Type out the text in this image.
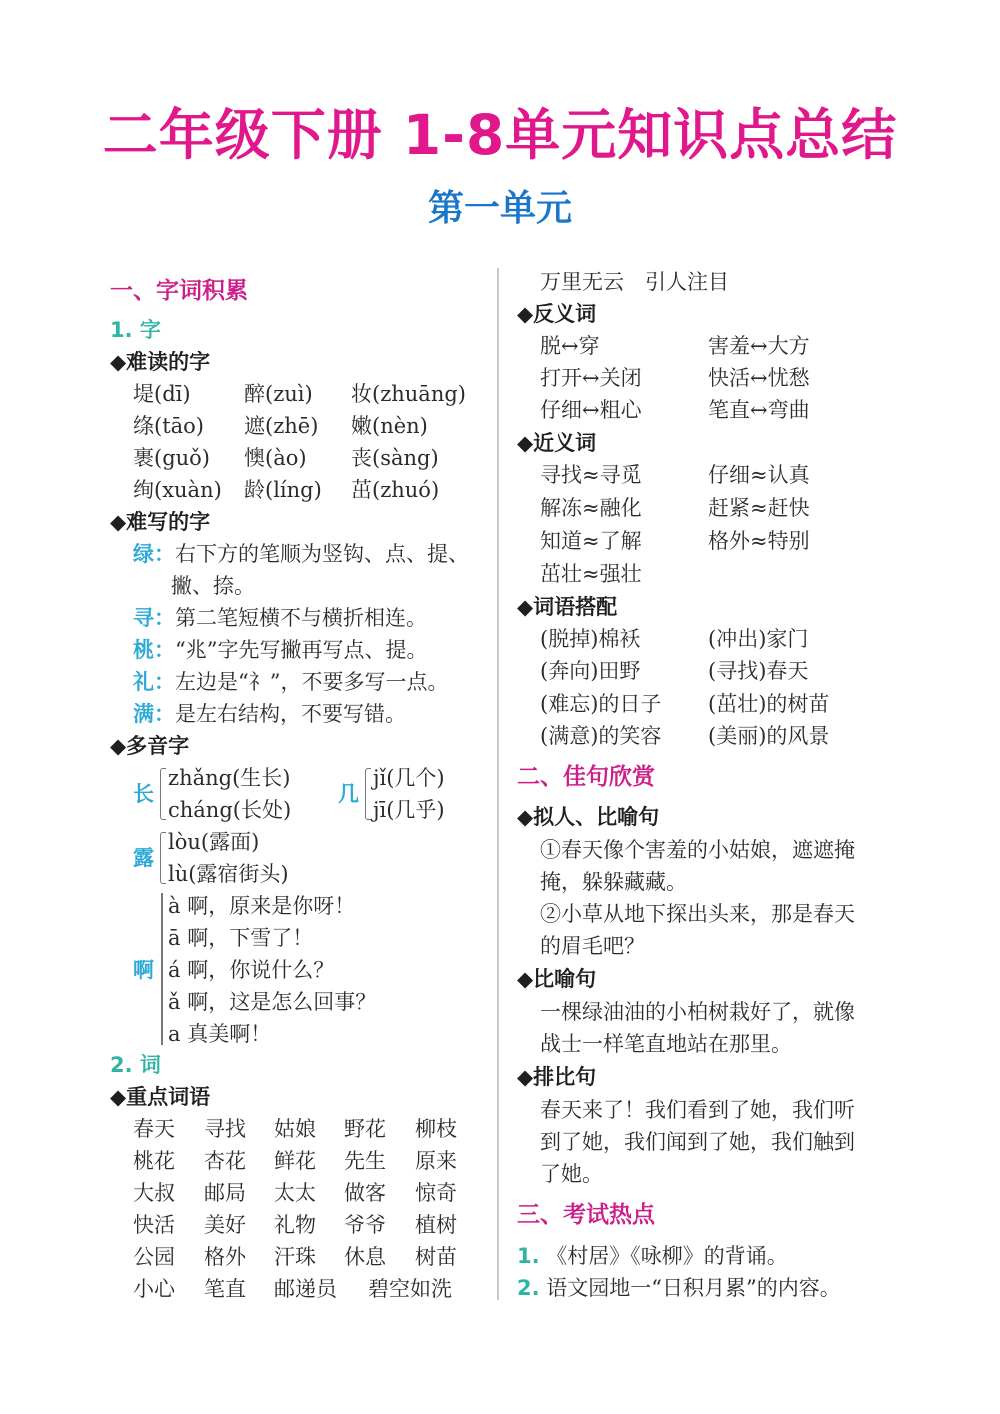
二年级下册 1-8单元知识点总结
第一单元
一、字词积累
1. 字
◆难读的字
堤(dī)	醉(zuì) 妆(zhuāng)
绦(tāo) 遮(zhē) 嫩(nèn)
裹(guǒ) 懊(ào) 丧(sàng)
绚(xuàn) 龄(líng) 茁(zhuó)
◆难写的字
绿：右下方的笔顺为竖钩、点、提、
撇、捺。
寻：第二笔短横不与横折相连。
桃：“兆”字先写撇再写点、提。
礼：左边是“礻”，不要多写一点。
满：是左右结构，不要写错。
◆多音字
长
zhǎng(生长)
cháng(长处)
几
jǐ(几个)
jī(几乎)
露
lòu(露面)
lù(露宿街头)
啊
à 啊，原来是你呀！
ā 啊，下雪了！
á 啊，你说什么？
ǎ 啊，这是怎么回事？
a 真美啊！
2. 词
◆重点词语
春天 寻找 姑娘 野花 柳枝
桃花 杏花 鲜花 先生 原来
大叔 邮局 太太 做客 惊奇
快活 美好 礼物 爷爷 植树
公园 格外 汗珠 休息 树苗
小心 笔直 邮递员 碧空如洗
万里无云　引人注目
◆反义词
脱↔穿	害羞↔大方
打开↔关闭	快活↔忧愁
仔细↔粗心	笔直↔弯曲
◆近义词
寻找≈寻觅	仔细≈认真
解冻≈融化	赶紧≈赶快
知道≈了解	格外≈特别
茁壮≈强壮
◆词语搭配
(脱掉)棉袄	(冲出)家门
(奔向)田野	(寻找)春天
(难忘)的日子 (茁壮)的树苗
(满意)的笑容 (美丽)的风景
二、佳句欣赏
◆拟人、比喻句
①春天像个害羞的小姑娘，遮遮掩
掩，躲躲藏藏。
②小草从地下探出头来，那是春天
的眉毛吧？
◆比喻句
一棵绿油油的小柏树栽好了，就像
战士一样笔直地站在那里。
◆排比句
春天来了！我们看到了她，我们听
到了她，我们闻到了她，我们触到
了她。
三、考试热点
1. 《村居》《咏柳》的背诵。
2. 语文园地一“日积月累”的内容。
